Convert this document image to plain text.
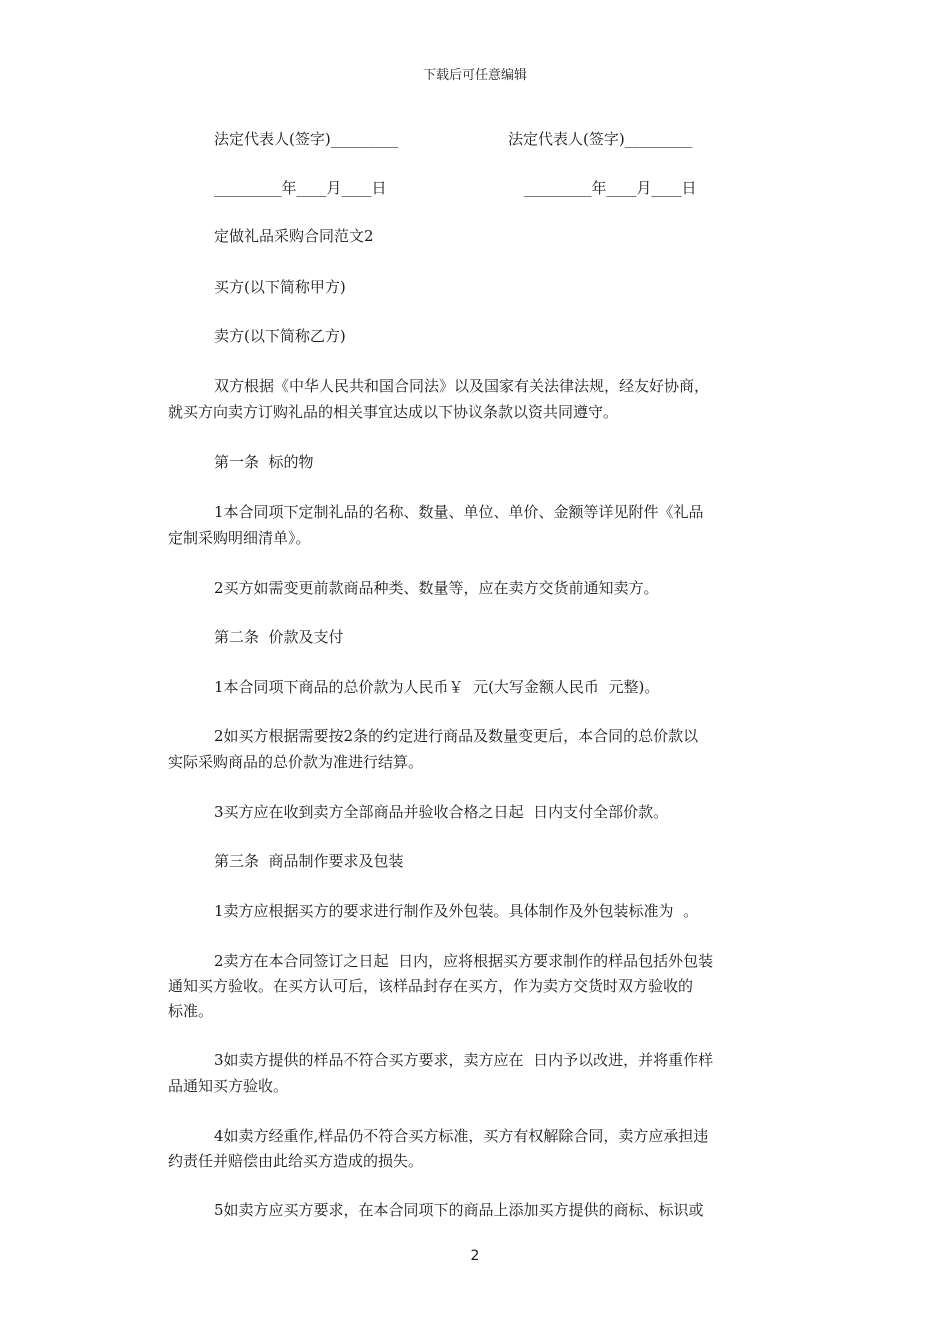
下载后可任意编辑
法定代表人(签字)_________	法定代表人(签字)_________
_________年____月____日	_________年____月____日
定做礼品采购合同范文2
买方(以下简称甲方)
卖方(以下简称乙方)
双方根据《中华人民共和国合同法》以及国家有关法律法规，经友好协商，
就买方向卖方订购礼品的相关事宜达成以下协议条款以资共同遵守。
第一条  标的物
1本合同项下定制礼品的名称、数量、单位、单价、金额等详见附件《礼品
定制采购明细清单》。
2买方如需变更前款商品种类、数量等，应在卖方交货前通知卖方。
第二条  价款及支付
1本合同项下商品的总价款为人民币￥  元(大写金额人民币  元整)。
2如买方根据需要按2条的约定进行商品及数量变更后，本合同的总价款以
实际采购商品的总价款为准进行结算。
3买方应在收到卖方全部商品并验收合格之日起  日内支付全部价款。
第三条  商品制作要求及包装
1卖方应根据买方的要求进行制作及外包装。具体制作及外包装标准为  。
2卖方在本合同签订之日起  日内，应将根据买方要求制作的样品包括外包装
通知买方验收。在买方认可后，该样品封存在买方，作为卖方交货时双方验收的
标准。
3如卖方提供的样品不符合买方要求，卖方应在  日内予以改进，并将重作样
品通知买方验收。
4如卖方经重作,样品仍不符合买方标准，买方有权解除合同，卖方应承担违
约责任并赔偿由此给买方造成的损失。
5如卖方应买方要求，在本合同项下的商品上添加买方提供的商标、标识或
2
